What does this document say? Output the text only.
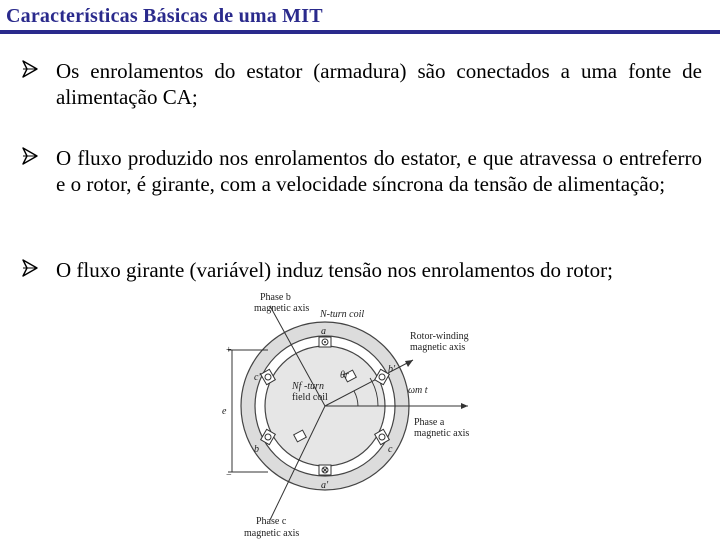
Características Básicas de uma MIT
Os enrolamentos do estator (armadura) são conectados a uma fonte de alimentação CA;
O fluxo produzido nos enrolamentos do estator, e que atravessa o entreferro e o rotor, é girante, com a velocidade síncrona da tensão de alimentação;
O fluxo girante (variável) induz tensão nos enrolamentos do rotor;
+
−
e
Phase b
magnetic axis
N-turn coil
Rotor-winding
magnetic axis
ωm t
θr
Nf -turn
field coil
Phase a
magnetic axis
Phase c
magnetic axis
a
c'
b
b'
c
a'
